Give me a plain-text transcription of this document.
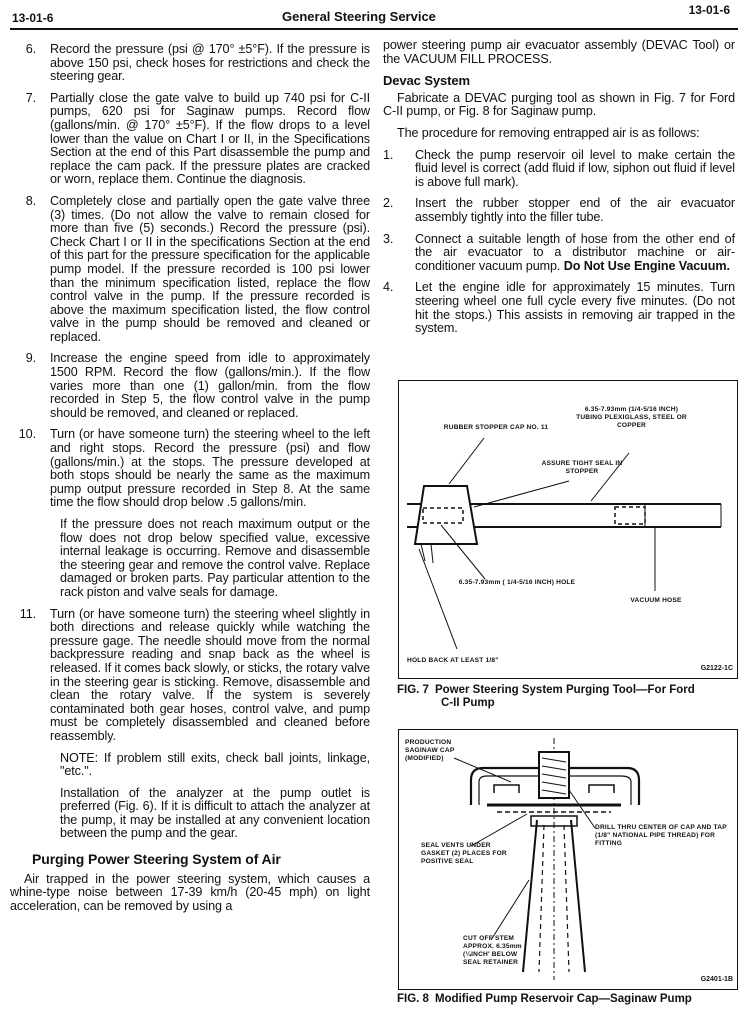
13-01-6	General Steering Service	13-01-6
6. Record the pressure (psi @ 170° ±5°F). If the pressure is above 150 psi, check hoses for restrictions and check the steering gear.
7. Partially close the gate valve to build up 740 psi for C-II pumps, 620 psi for Saginaw pumps. Record flow (gallons/min. @ 170° ±5°F). If the flow drops to a level lower than the value on Chart I or II, in the Specifications Section at the end of this Part disassemble the pump and replace the cam pack. If the pressure plates are cracked or worn, replace them. Continue the diagnosis.
8. Completely close and partially open the gate valve three (3) times. (Do not allow the valve to remain closed for more than five (5) seconds.) Record the pressure (psi). Check Chart I or II in the specifications Section at the end of this part for the pressure specification for the applicable pump model. If the pressure recorded is 100 psi lower than the minimum specification listed, replace the flow control valve in the pump. If the pressure recorded is above the maximum specification listed, the flow control valve in the pump should be removed and cleaned or replaced.
9. Increase the engine speed from idle to approximately 1500 RPM. Record the flow (gallons/min.). If the flow varies more than one (1) gallon/min. from the flow recorded in Step 5, the flow control valve in the pump should be removed, and cleaned or replaced.
10. Turn (or have someone turn) the steering wheel to the left and right stops. Record the pressure (psi) and flow (gallons/min.) at the stops. The pressure developed at both stops should be nearly the same as the maximum pump output pressure recorded in Step 8. At the same time the flow should drop below .5 gallons/min.

If the pressure does not reach maximum output or the flow does not drop below specified value, excessive internal leakage is occurring. Remove and disassemble the steering gear and remove the control valve. Replace damaged or broken parts. Pay particular attention to the rack piston and valve seals for damage.

11. Turn (or have someone turn) the steering wheel slightly in both directions and release quickly while watching the pressure gage. The needle should move from the normal backpressure reading and snap back as the wheel is released. If it comes back slowly, or sticks, the rotary valve in the steering gear is sticking. Remove, disassemble and clean the rotary valve. If the system is severely contaminated both gear hoses, control valve, and pump must be completely disassembled and cleaned before reassembly.

NOTE: If problem still exits, check ball joints, linkage, "etc.".

Installation of the analyzer at the pump outlet is preferred (Fig. 6). If it is difficult to attach the analyzer at the pump, it may be installed at any convenient location between the pump and the gear.

Purging Power Steering System of Air

Air trapped in the power steering system, which causes a whine-type noise between 17-39 km/h (20-45 mph) on light acceleration, can be removed by using a

power steering pump air evacuator assembly (DEVAC Tool) or the VACUUM FILL PROCESS.

Devac System

Fabricate a DEVAC purging tool as shown in Fig. 7 for Ford C-II pump, or Fig. 8 for Saginaw pump.

The procedure for removing entrapped air is as follows:

1. Check the pump reservoir oil level to make certain the fluid level is correct (add fluid if low, siphon out fluid if level is above full mark).
2. Insert the rubber stopper end of the air evacuator assembly tightly into the filler tube.
3. Connect a suitable length of hose from the other end of the air evacuator to a distributor machine or air-conditioner vacuum pump. Do Not Use Engine Vacuum.
4. Let the engine idle for approximately 15 minutes. Turn steering wheel one full cycle every five minutes. (Do not hit the stops.) This assists in removing air trapped in the system.
RUBBER STOPPER CAP NO. 11
6.35-7.93mm (1/4-5/16 INCH) TUBING PLEXIGLASS, STEEL OR COPPER
ASSURE TIGHT SEAL IN STOPPER
6.35-7.93mm ( 1/4-5/16 INCH) HOLE
VACUUM HOSE
HOLD BACK AT LEAST 1/8"
G2122-1C
FIG. 7 Power Steering System Purging Tool—For Ford
C-II Pump
PRODUCTION SAGINAW CAP (MODIFIED)
DRILL THRU CENTER OF CAP AND TAP (1/8" NATIONAL PIPE THREAD) FOR FITTING
SEAL VENTS UNDER GASKET (2) PLACES FOR POSITIVE SEAL
CUT OFF STEM APPROX. 6.35mm (¼INCH' BELOW SEAL RETAINER
G2401-1B
FIG. 8 Modified Pump Reservoir Cap—Saginaw Pump
